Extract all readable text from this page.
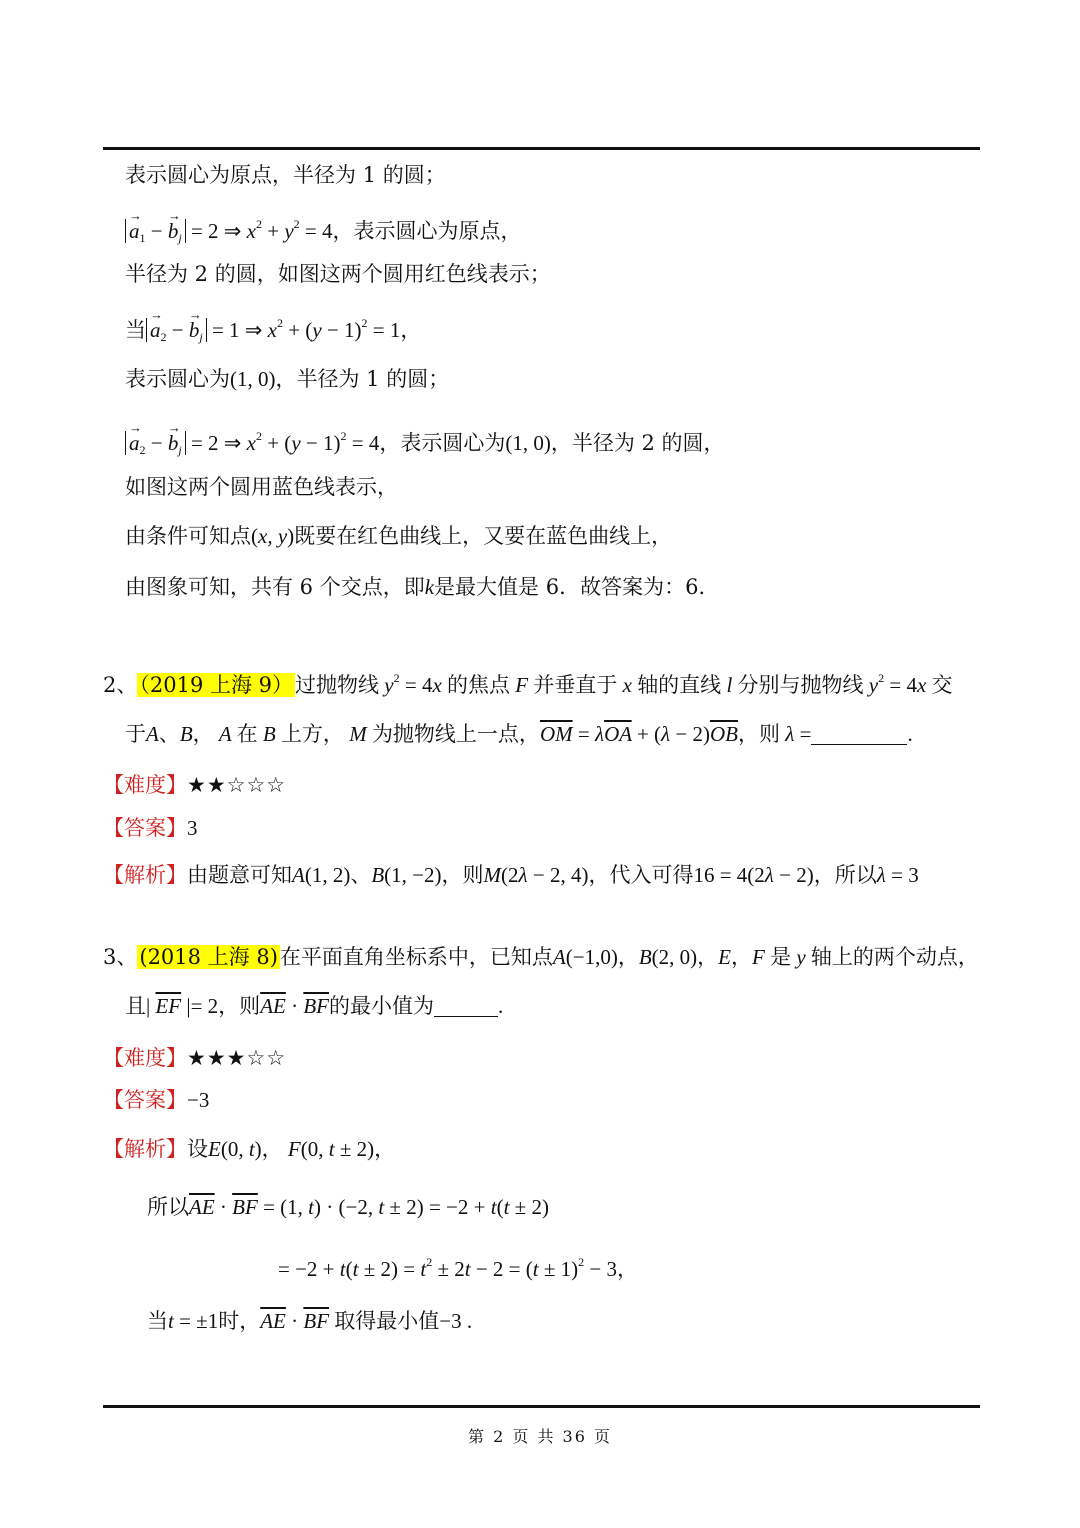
表示圆心为原点，半径为 1 的圆；
→ $a_1$ − → $b_j = 2$ ⇒ $x^2 + y^2 = 4$，表示圆心为原点，
半径为 2 的圆，如图这两个圆用红色线表示；
当 → $a_2$ − → $b_j = 1$ ⇒ $x^2 + (y - 1)^2 = 1$，
表示圆心为(1, 0)，半径为 1 的圆；
→ $a_2$ − → $b_j = 2$ ⇒ $x^2 + (y - 1)^2 = 4$，表示圆心为(1, 0)，半径为 2 的圆，
如图这两个圆用蓝色线表示，
由条件可知点(x, y)既要在红色曲线上，又要在蓝色曲线上，
由图象可知，共有 6 个交点，即k是最大值是 6．故答案为：6．
2、（2019 上海 9）过抛物线 $y^2 = 4x$ 的焦点 F 并垂直于 x 轴的直线 l 分别与抛物线 $y^2 = 4x$ 交
于A、B， A 在 B 上方， M 为抛物线上一点，$\overline{OM} = \lambda\overline{OA} + (\lambda - 2)\overline{OB}$，则 λ =	.
【难度】★★☆☆☆
【答案】3
【解析】由题意可知A(1, 2)、B(1, −2)，则M(2λ − 2, 4)，代入可得16 = 4(2λ − 2)，所以λ = 3
3、(2018 上海 8)在平面直角坐标系中，已知点A(−1,0)，B(2, 0)，E，F 是 y 轴上的两个动点，
且| $\overline{EF}$ |= 2，则$\overline{AE} \cdot \overline{BF}$的最小值为	.
【难度】★★★☆☆
【答案】−3
【解析】设E(0, t)， F(0, t ± 2)，
所以$\overline{AE} \cdot \overline{BF} = (1$, t) · (−2, t ± 2) = −2 + t(t ± 2)
= $-2 + t(t \pm 2) = t^2 \pm 2t - 2 = (t \pm 1)^2 - 3$，
当t = ±1时，$\overline{AE} \cdot \overline{BF}$ 取得最小值−3 .
第 2 页 共 36 页
